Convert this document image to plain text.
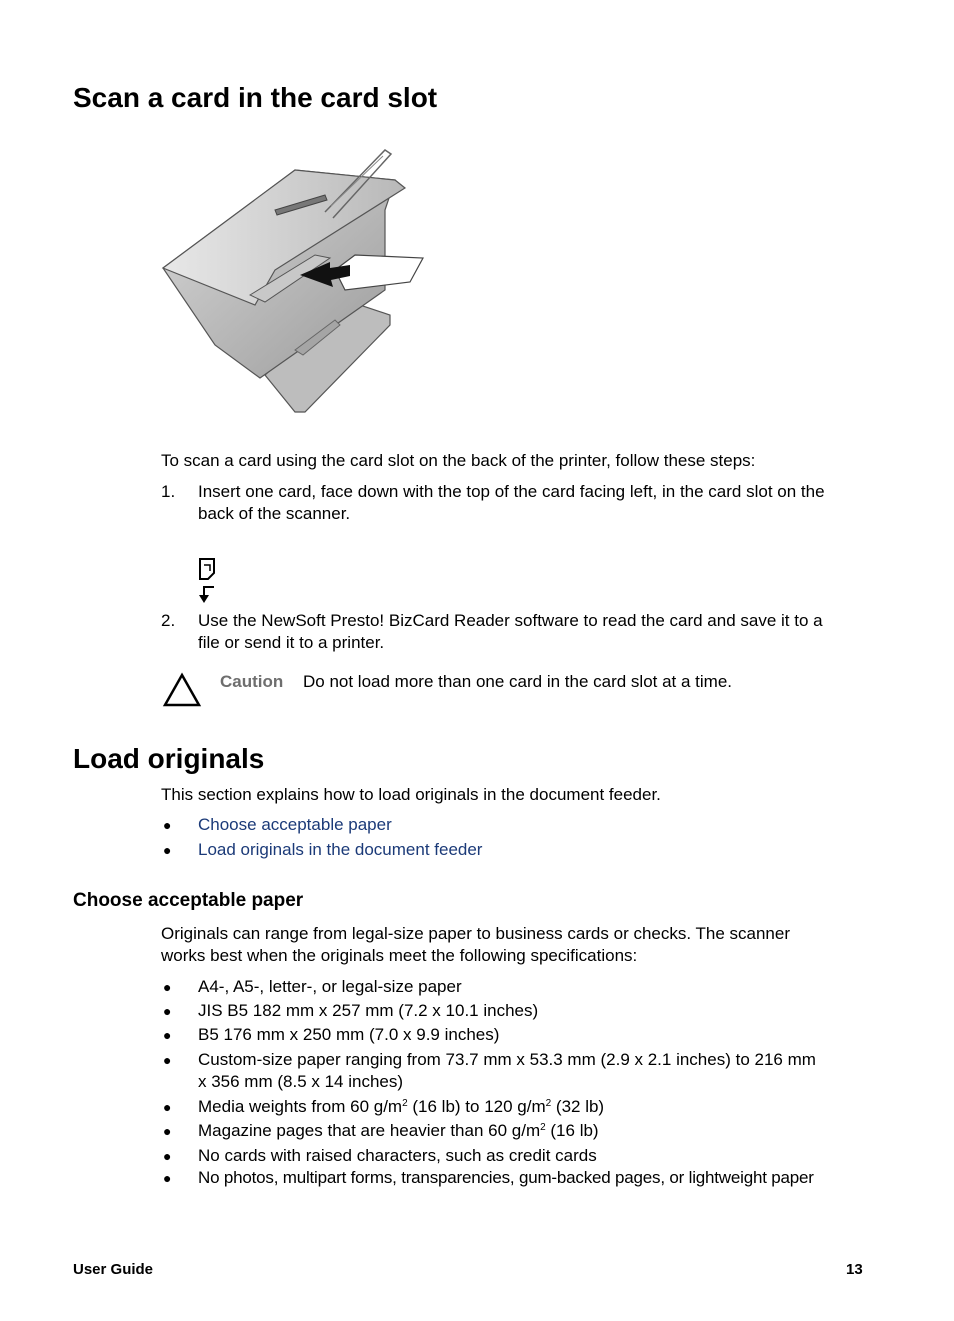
Scan a card in the card slot

To scan a card using the card slot on the back of the printer, follow these steps:

1. Insert one card, face down with the top of the card facing left, in the card slot on the

back of the scanner.

2. Use the NewSoft Presto! BizCard Reader software to read the card and save it to a

file or send it to a printer.

Caution Do not load more than one card in the card slot at a time.
Load originals

This section explains how to load originals in the document feeder.

● Choose acceptable paper
● Load originals in the document feeder
Choose acceptable paper

Originals can range from legal-size paper to business cards or checks. The scanner

works best when the originals meet the following specifications:

● A4-, A5-, letter-, or legal-size paper

● JIS B5 182 mm x 257 mm (7.2 x 10.1 inches)

● B5 176 mm x 250 mm (7.0 x 9.9 inches)

● Custom-size paper ranging from 73.7 mm x 53.3 mm (2.9 x 2.1 inches) to 216 mm

x 356 mm (8.5 x 14 inches)

● Media weights from 60 $g/m^2$ (16 lb) to 120 $g/m^2$ (32 lb)

● Magazine pages that are heavier than 60 $g/m^2$ (16 lb)

● No cards with raised characters, such as credit cards

● No photos, multipart forms, transparencies, gum-backed pages, or lightweight paper

User Guide	13
